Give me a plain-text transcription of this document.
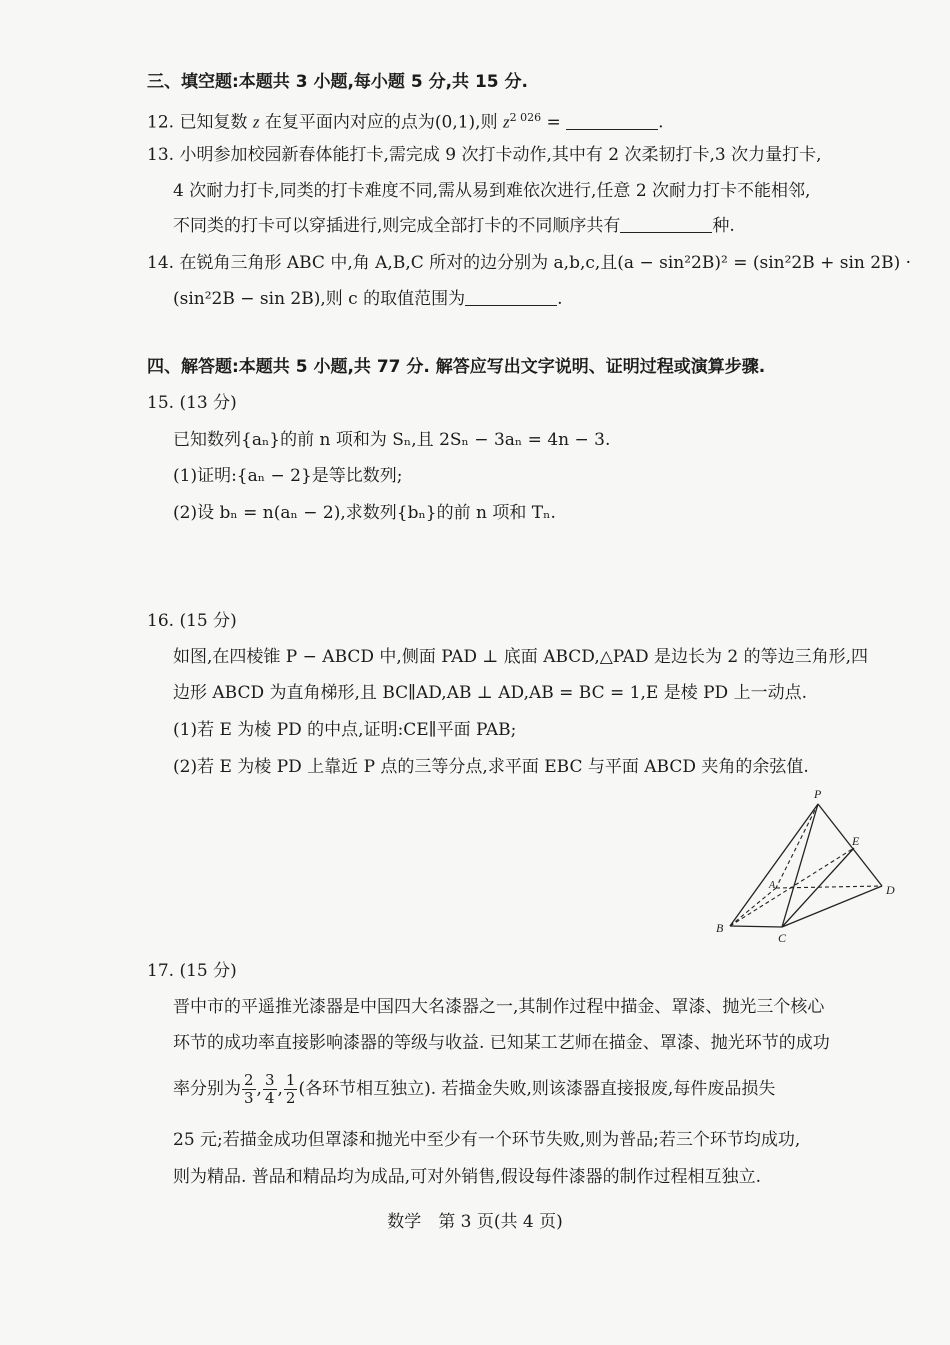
三、填空题:本题共 3 小题,每小题 5 分,共 15 分.
12. 已知复数 z 在复平面内对应的点为(0,1),则 $z^{2 026}$ =	.
13. 小明参加校园新春体能打卡,需完成 9 次打卡动作,其中有 2 次柔韧打卡,3 次力量打卡,
4 次耐力打卡,同类的打卡难度不同,需从易到难依次进行,任意 2 次耐力打卡不能相邻,
不同类的打卡可以穿插进行,则完成全部打卡的不同顺序共有	种.
14. 在锐角三角形 ABC 中,角 A,B,C 所对的边分别为 a,b,c,且(a − sin²2B)² = (sin²2B + sin 2B) ·
(sin²2B − sin 2B),则 c 的取值范围为	.
四、解答题:本题共 5 小题,共 77 分. 解答应写出文字说明、证明过程或演算步骤.
15. (13 分)
已知数列{aₙ}的前 n 项和为 Sₙ,且 2Sₙ − 3aₙ = 4n − 3.
(1)证明:{aₙ − 2}是等比数列;
(2)设 bₙ = n(aₙ − 2),求数列{bₙ}的前 n 项和 Tₙ.
16. (15 分)
如图,在四棱锥 P − ABCD 中,侧面 PAD ⊥ 底面 ABCD,△PAD 是边长为 2 的等边三角形,四
边形 ABCD 为直角梯形,且 BC∥AD,AB ⊥ AD,AB = BC = 1,E 是棱 PD 上一动点.
(1)若 E 为棱 PD 的中点,证明:CE∥平面 PAB;
(2)若 E 为棱 PD 上靠近 P 点的三等分点,求平面 EBC 与平面 ABCD 夹角的余弦值.
P
E
A	D
B
C
17. (15 分)
晋中市的平遥推光漆器是中国四大名漆器之一,其制作过程中描金、罩漆、抛光三个核心
环节的成功率直接影响漆器的等级与收益. 已知某工艺师在描金、罩漆、抛光环节的成功
率分别为 $\frac{2}{3}$ , $\frac{3}{4}$ , $\frac{1}{2}$ (各环节相互独立). 若描金失败,则该漆器直接报废,每件废品损失
25 元;若描金成功但罩漆和抛光中至少有一个环节失败,则为普品;若三个环节均成功,
则为精品. 普品和精品均为成品,可对外销售,假设每件漆器的制作过程相互独立.
数学　第 3 页(共 4 页)
